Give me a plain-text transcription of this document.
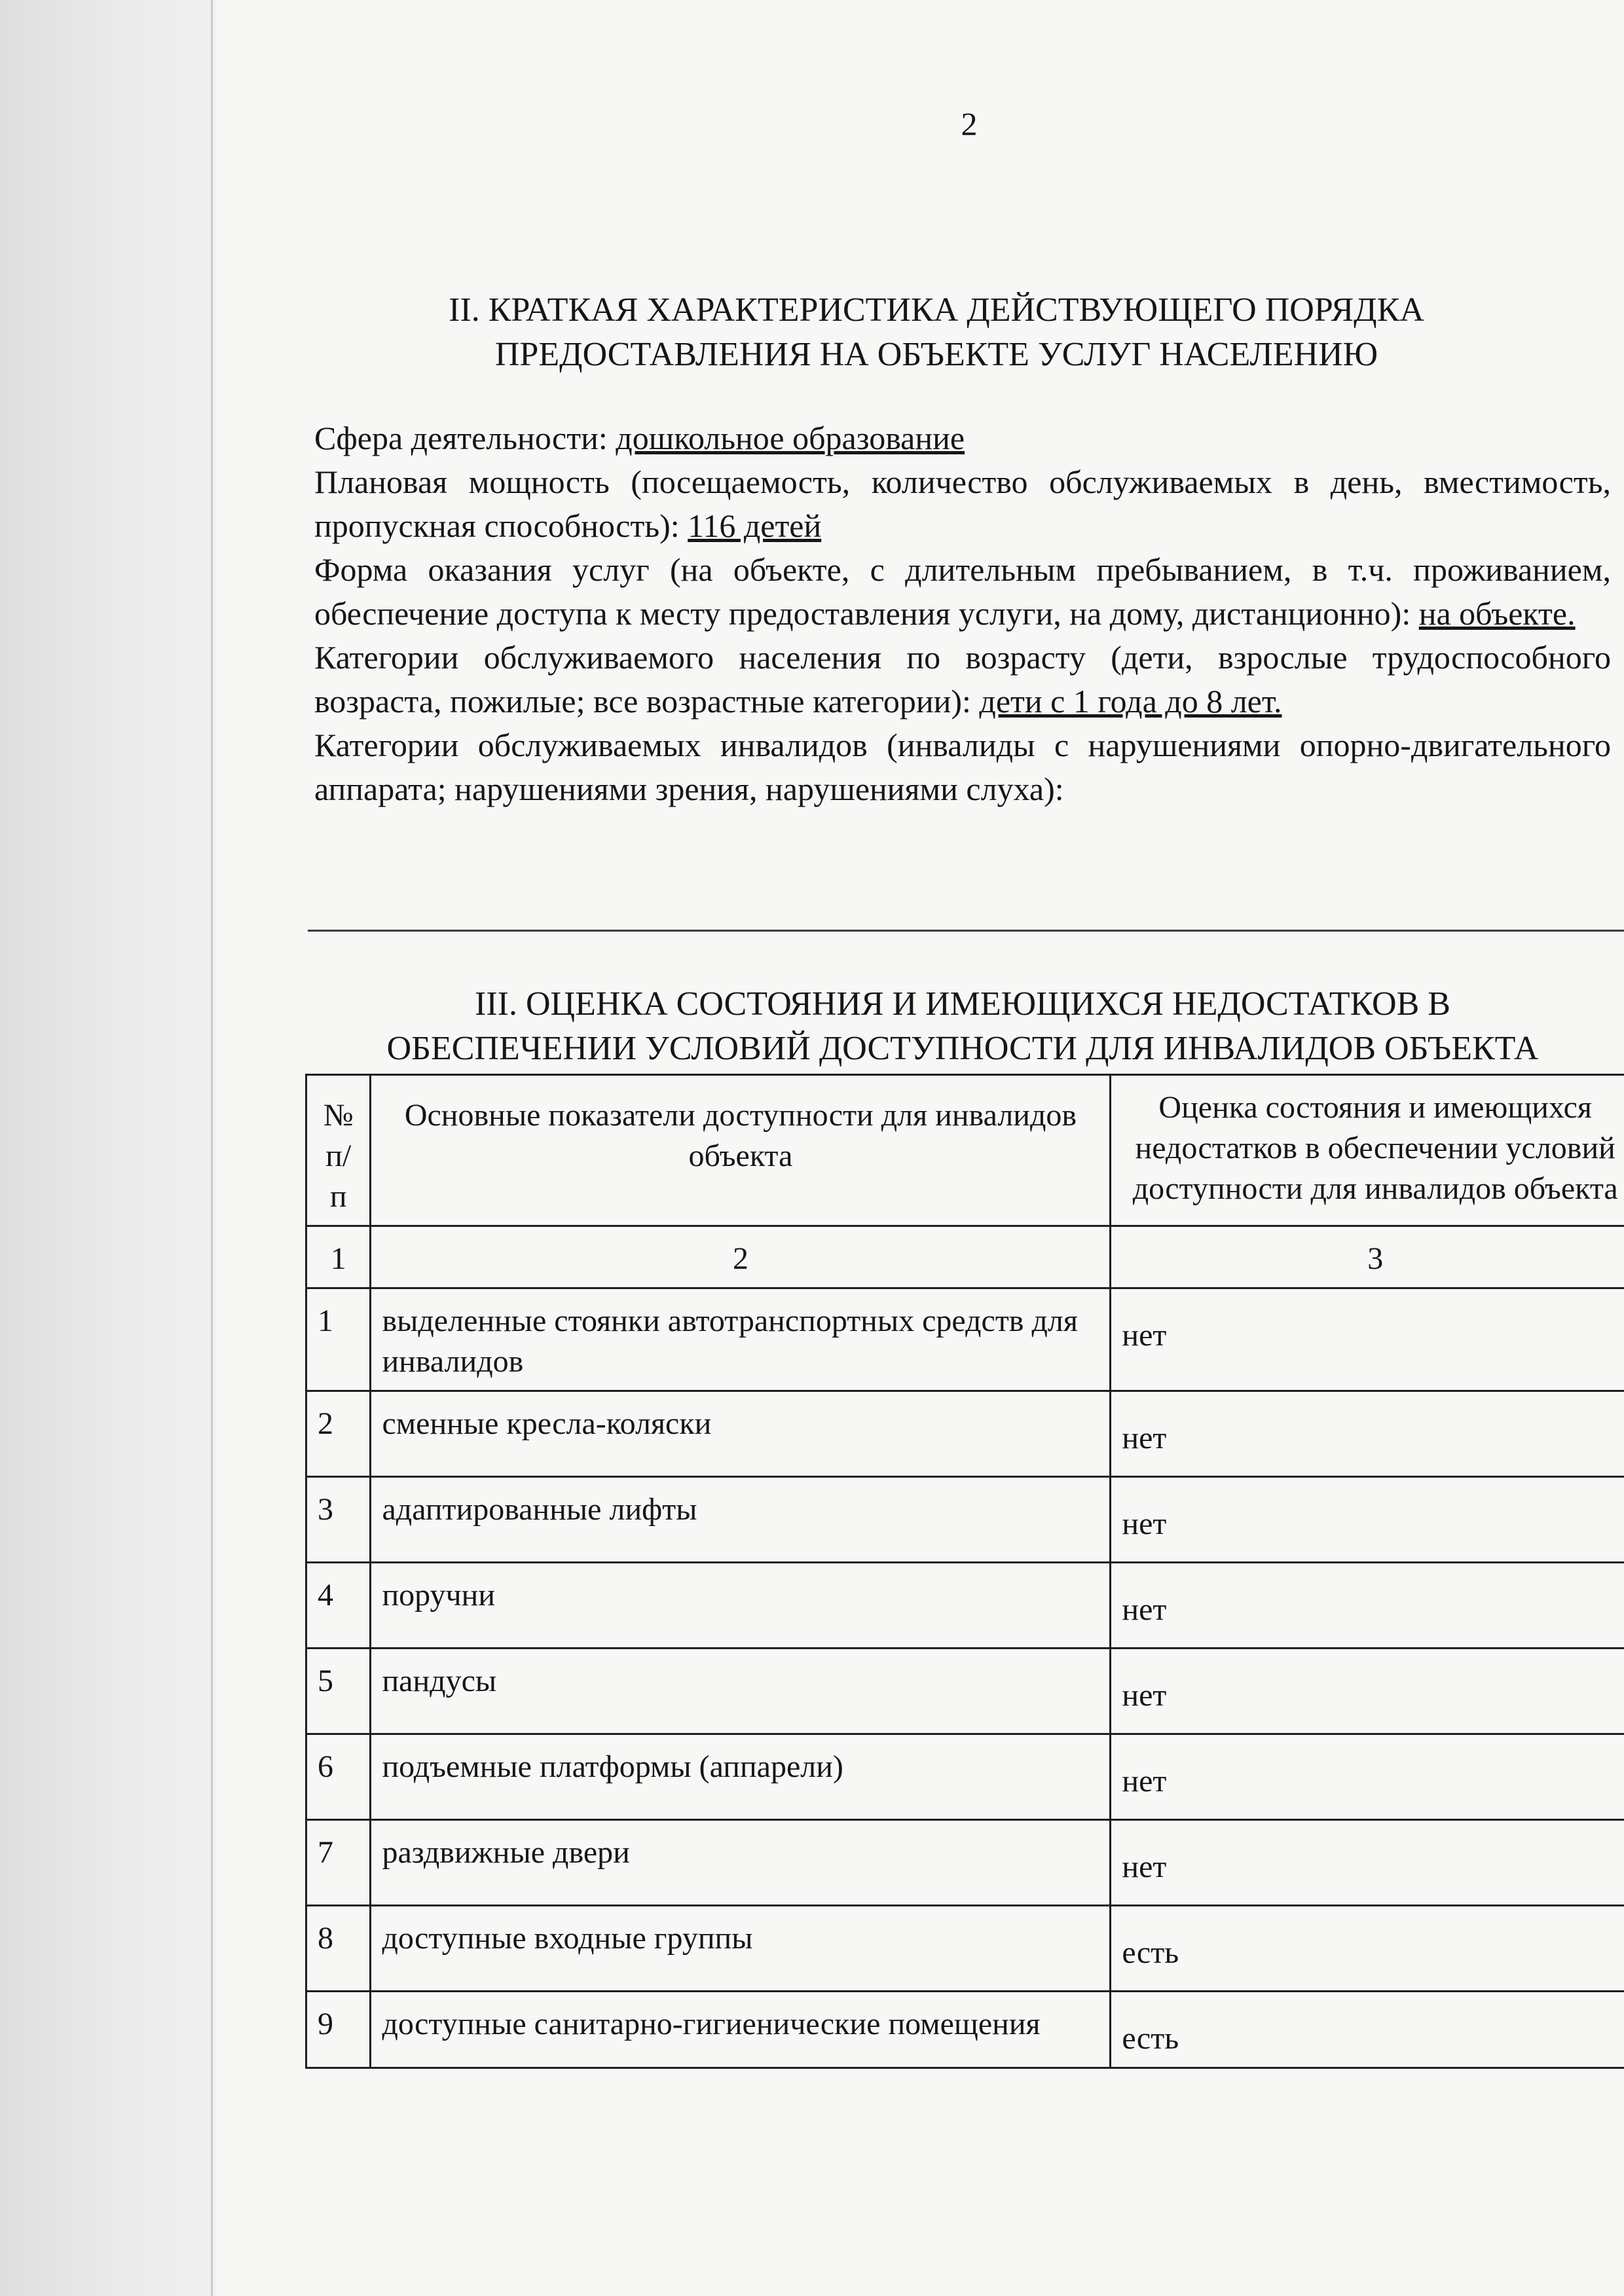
2
II. КРАТКАЯ ХАРАКТЕРИСТИКА ДЕЙСТВУЮЩЕГО ПОРЯДКА
ПРЕДОСТАВЛЕНИЯ НА ОБЪЕКТЕ УСЛУГ НАСЕЛЕНИЮ

Сфера деятельности: дошкольное образование

Плановая мощность (посещаемость, количество обслуживаемых в день, вместимость, пропускная способность): 116 детей

Форма оказания услуг (на объекте, с длительным пребыванием, в т.ч. проживанием, обеспечение доступа к месту предоставления услуги, на дому, дистанционно): на объекте.

Категории обслуживаемого населения по возрасту (дети, взрослые трудоспособного возраста, пожилые; все возрастные категории): дети с 1 года до 8 лет.

Категории обслуживаемых инвалидов (инвалиды с нарушениями опорно-двигательного аппарата; нарушениями зрения, нарушениями слуха):

III. ОЦЕНКА СОСТОЯНИЯ И ИМЕЮЩИХСЯ НЕДОСТАТКОВ В
ОБЕСПЕЧЕНИИ УСЛОВИЙ ДОСТУПНОСТИ ДЛЯ ИНВАЛИДОВ ОБЪЕКТА
№ п/п	Основные показатели доступности для инвалидов объекта	Оценка состояния и имеющихся недостатков в обеспечении условий доступности для инвалидов объекта
1	2	3
1	выделенные стоянки автотранспортных средств для инвалидов	нет
2	сменные кресла-коляски	нет
3	адаптированные лифты	нет
4	поручни	нет
5	пандусы	нет
6	подъемные платформы (аппарели)	нет
7	раздвижные двери	нет
8	доступные входные группы	есть
9	доступные санитарно-гигиенические помещения	есть
